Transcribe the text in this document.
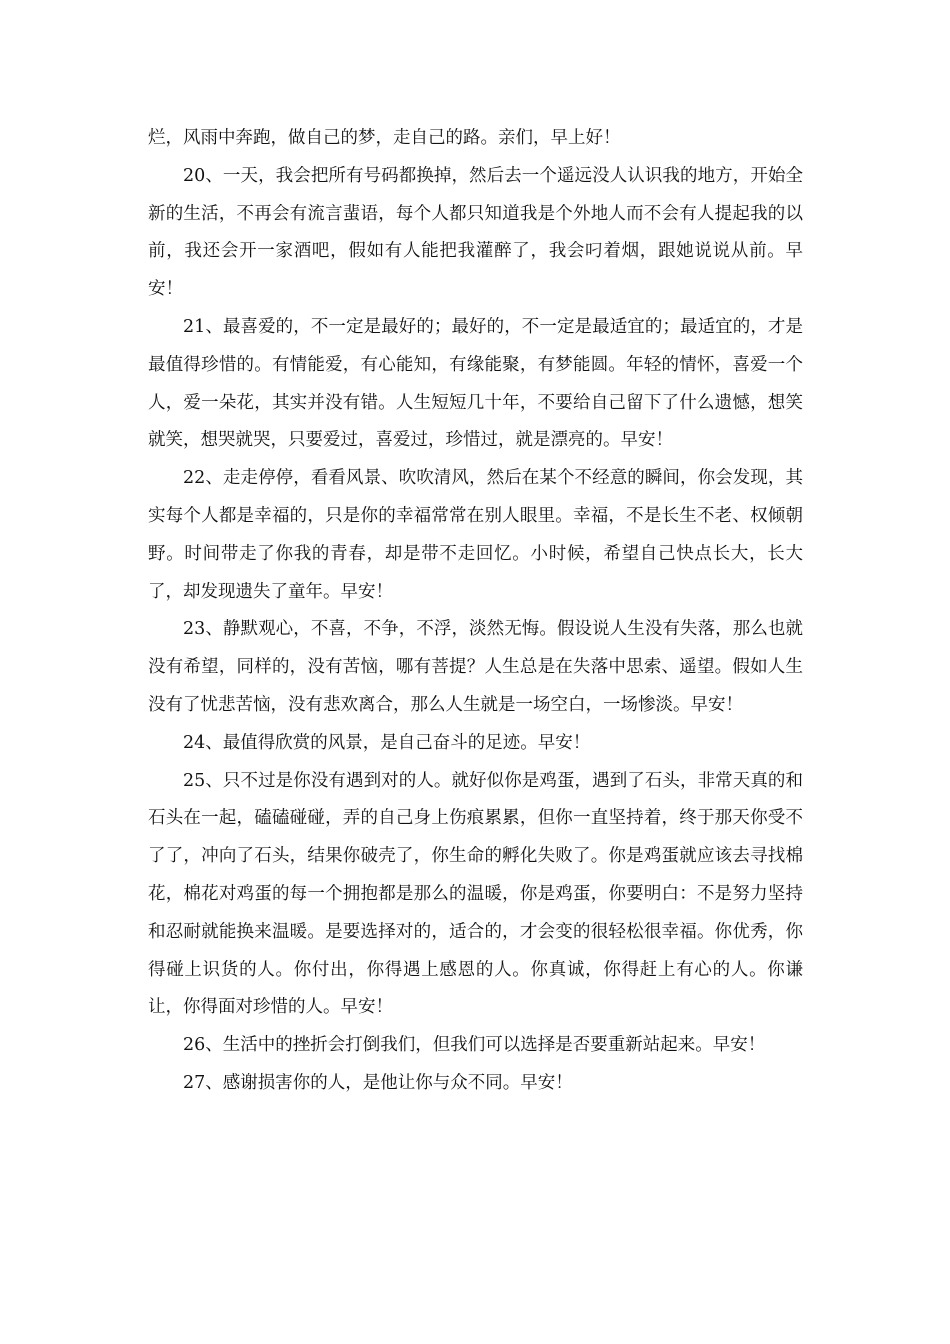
烂，风雨中奔跑，做自己的梦，走自己的路。亲们，早上好！

20、一天，我会把所有号码都换掉，然后去一个遥远没人认识我的地方，开始全新的生活，不再会有流言蜚语，每个人都只知道我是个外地人而不会有人提起我的以前，我还会开一家酒吧，假如有人能把我灌醉了，我会叼着烟，跟她说说从前。早安！

21、最喜爱的，不一定是最好的；最好的，不一定是最适宜的；最适宜的，才是最值得珍惜的。有情能爱，有心能知，有缘能聚，有梦能圆。年轻的情怀，喜爱一个人，爱一朵花，其实并没有错。人生短短几十年，不要给自己留下了什么遗憾，想笑就笑，想哭就哭，只要爱过，喜爱过，珍惜过，就是漂亮的。早安！

22、走走停停，看看风景、吹吹清风，然后在某个不经意的瞬间，你会发现，其实每个人都是幸福的，只是你的幸福常常在别人眼里。幸福，不是长生不老、权倾朝野。时间带走了你我的青春，却是带不走回忆。小时候，希望自己快点长大，长大了，却发现遗失了童年。早安！

23、静默观心，不喜，不争，不浮，淡然无悔。假设说人生没有失落，那么也就没有希望，同样的，没有苦恼，哪有菩提？人生总是在失落中思索、遥望。假如人生没有了忧悲苦恼，没有悲欢离合，那么人生就是一场空白，一场惨淡。早安！

24、最值得欣赏的风景，是自己奋斗的足迹。早安！

25、只不过是你没有遇到对的人。就好似你是鸡蛋，遇到了石头，非常天真的和石头在一起，磕磕碰碰，弄的自己身上伤痕累累，但你一直坚持着，终于那天你受不了了，冲向了石头，结果你破壳了，你生命的孵化失败了。你是鸡蛋就应该去寻找棉花，棉花对鸡蛋的每一个拥抱都是那么的温暖，你是鸡蛋，你要明白：不是努力坚持和忍耐就能换来温暖。是要选择对的，适合的，才会变的很轻松很幸福。你优秀，你得碰上识货的人。你付出，你得遇上感恩的人。你真诚，你得赶上有心的人。你谦让，你得面对珍惜的人。早安！

26、生活中的挫折会打倒我们，但我们可以选择是否要重新站起来。早安！

27、感谢损害你的人，是他让你与众不同。早安！
